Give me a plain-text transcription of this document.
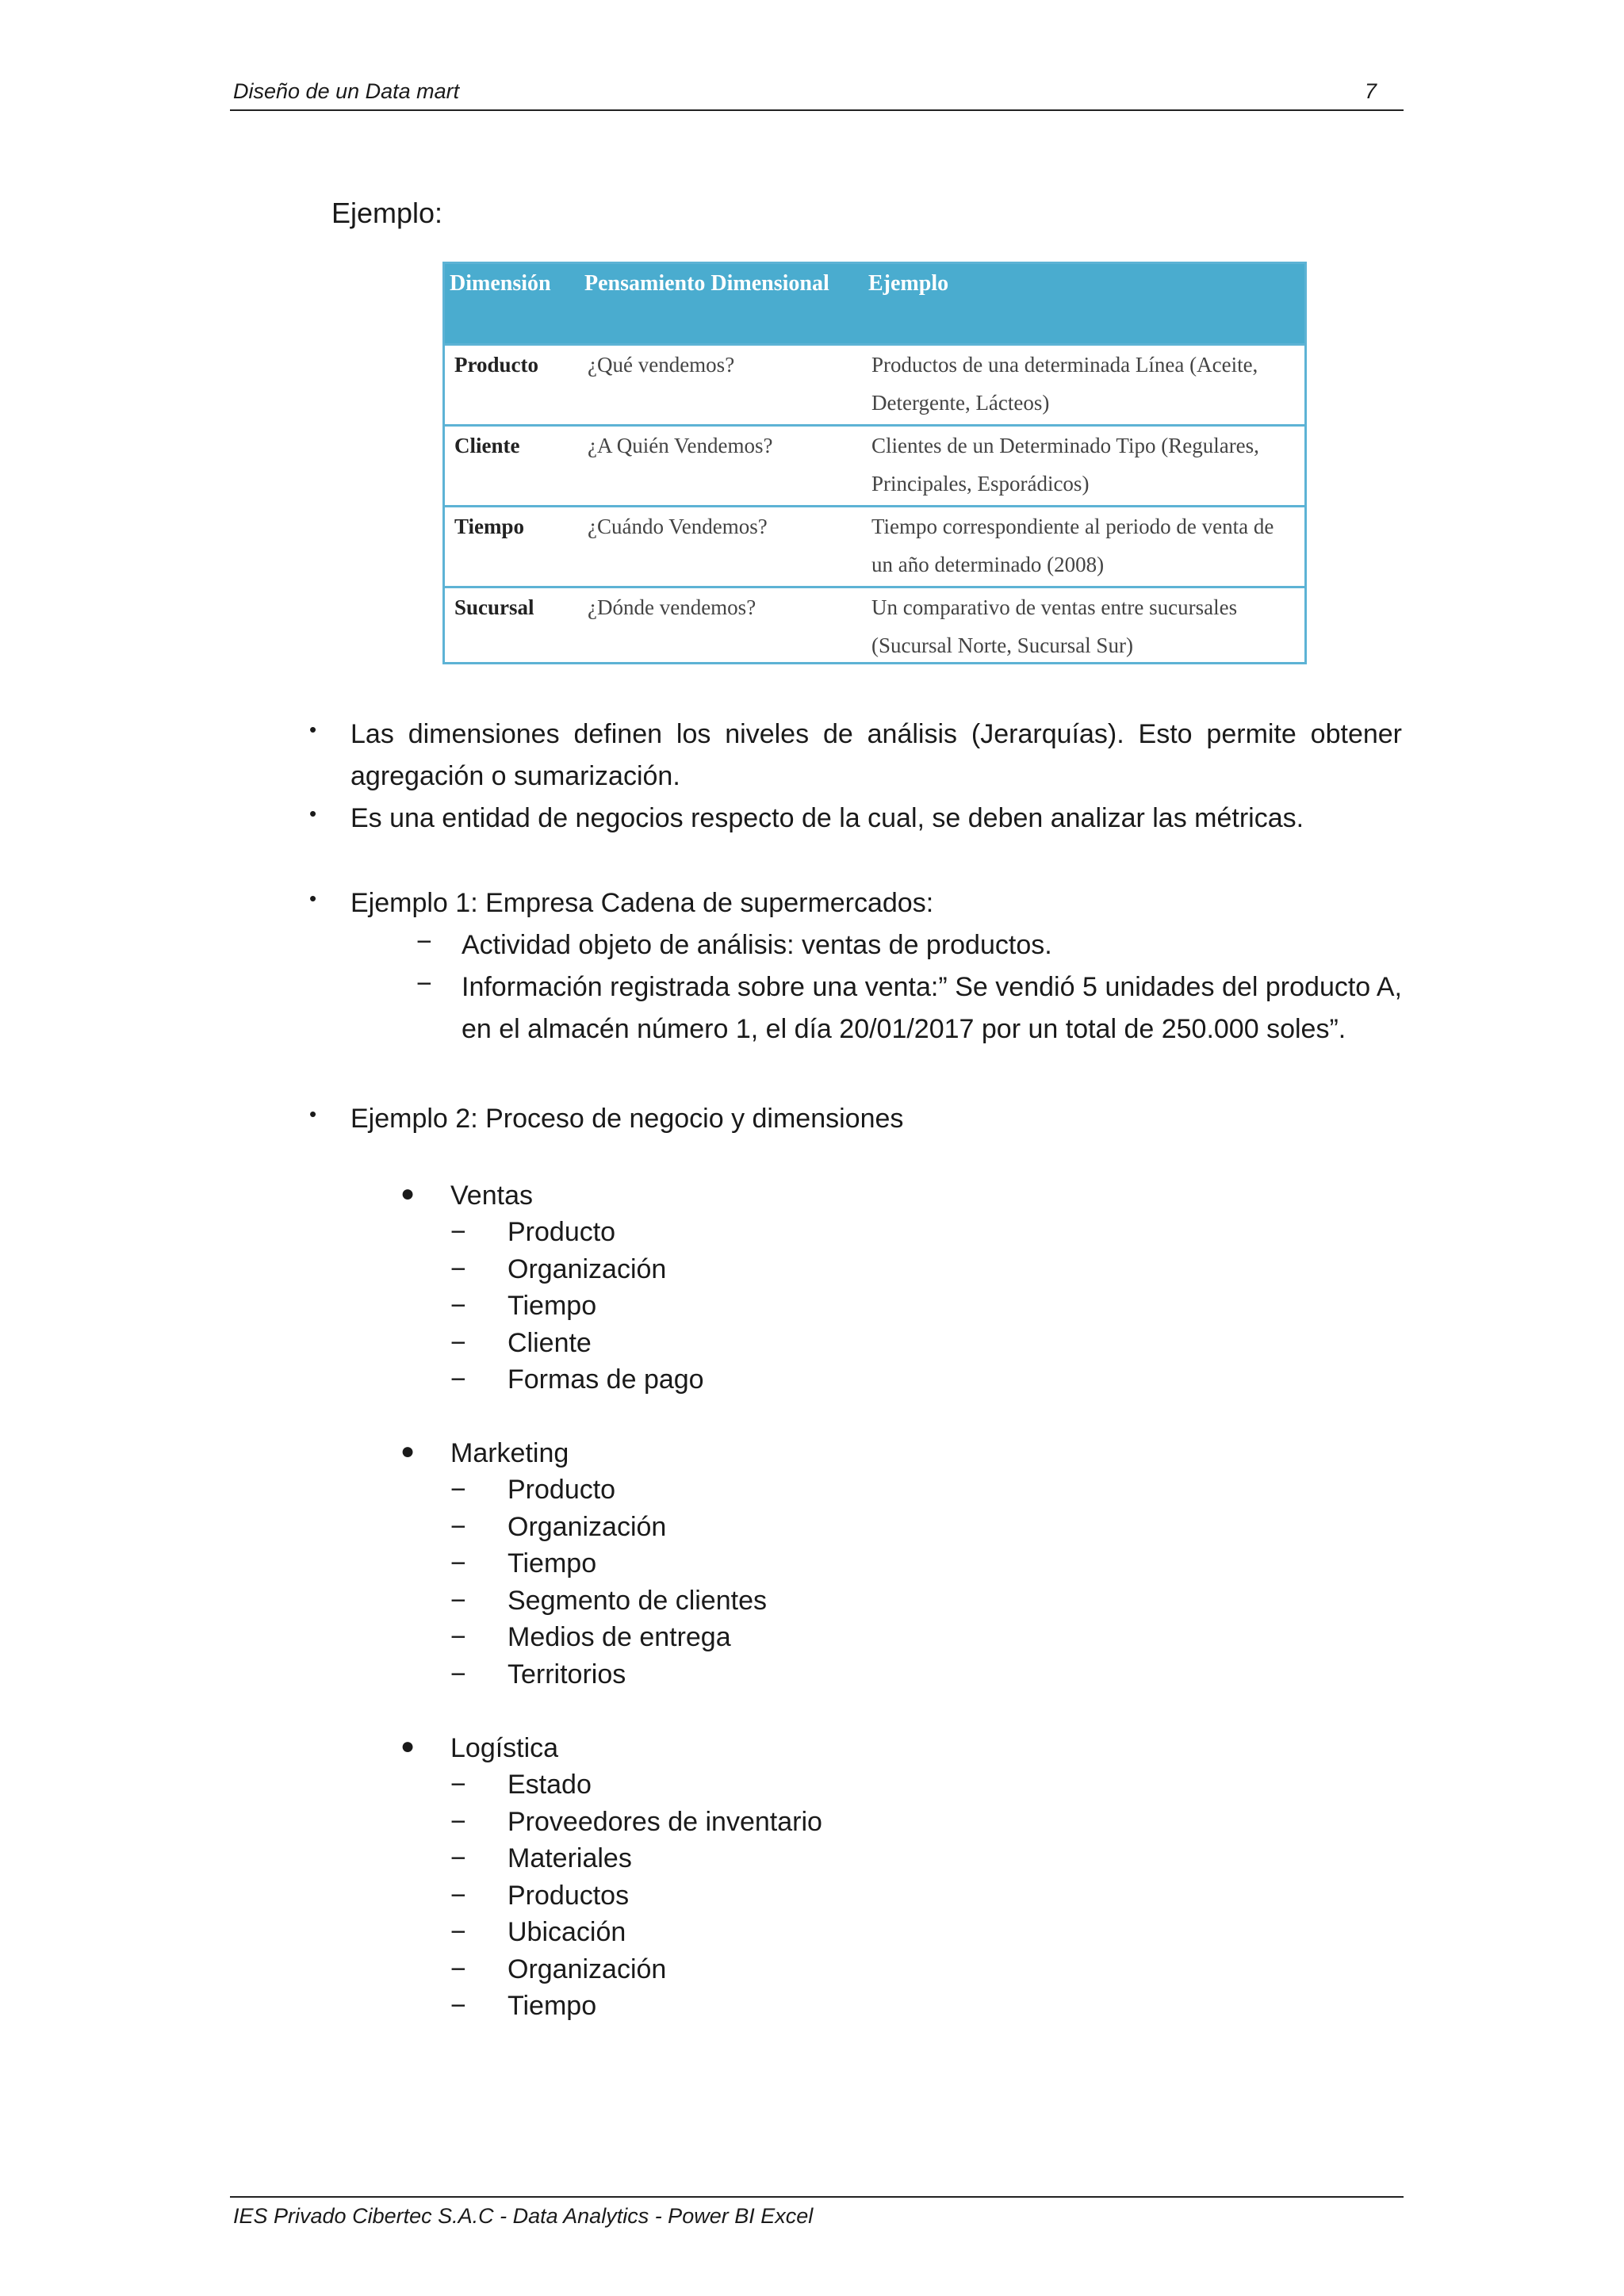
Diseño de un Data mart	7
Ejemplo:
Dimensión	Pensamiento Dimensional	Ejemplo
Producto	¿Qué vendemos?	Productos de una determinada Línea (Aceite, Detergente, Lácteos)
Cliente	¿A Quién Vendemos?	Clientes de un Determinado Tipo (Regulares, Principales, Esporádicos)
Tiempo	¿Cuándo Vendemos?	Tiempo correspondiente al periodo de venta de un año determinado (2008)
Sucursal	¿Dónde vendemos?	Un comparativo de ventas entre sucursales (Sucursal Norte, Sucursal Sur)
• Las dimensiones definen los niveles de análisis (Jerarquías). Esto permite obtener agregación o sumarización.
• Es una entidad de negocios respecto de la cual, se deben analizar las métricas.
• Ejemplo 1: Empresa Cadena de supermercados:
− Actividad objeto de análisis: ventas de productos.
− Información registrada sobre una venta:” Se vendió 5 unidades del producto A, en el almacén número 1, el día 20/01/2017 por un total de 250.000 soles”.
• Ejemplo 2: Proceso de negocio y dimensiones
● Ventas
− Producto
− Organización
− Tiempo
− Cliente
− Formas de pago
● Marketing
− Producto
− Organización
− Tiempo
− Segmento de clientes
− Medios de entrega
− Territorios
● Logística
− Estado
− Proveedores de inventario
− Materiales
− Productos
− Ubicación
− Organización
− Tiempo
IES Privado Cibertec S.A.C - Data Analytics - Power BI Excel
